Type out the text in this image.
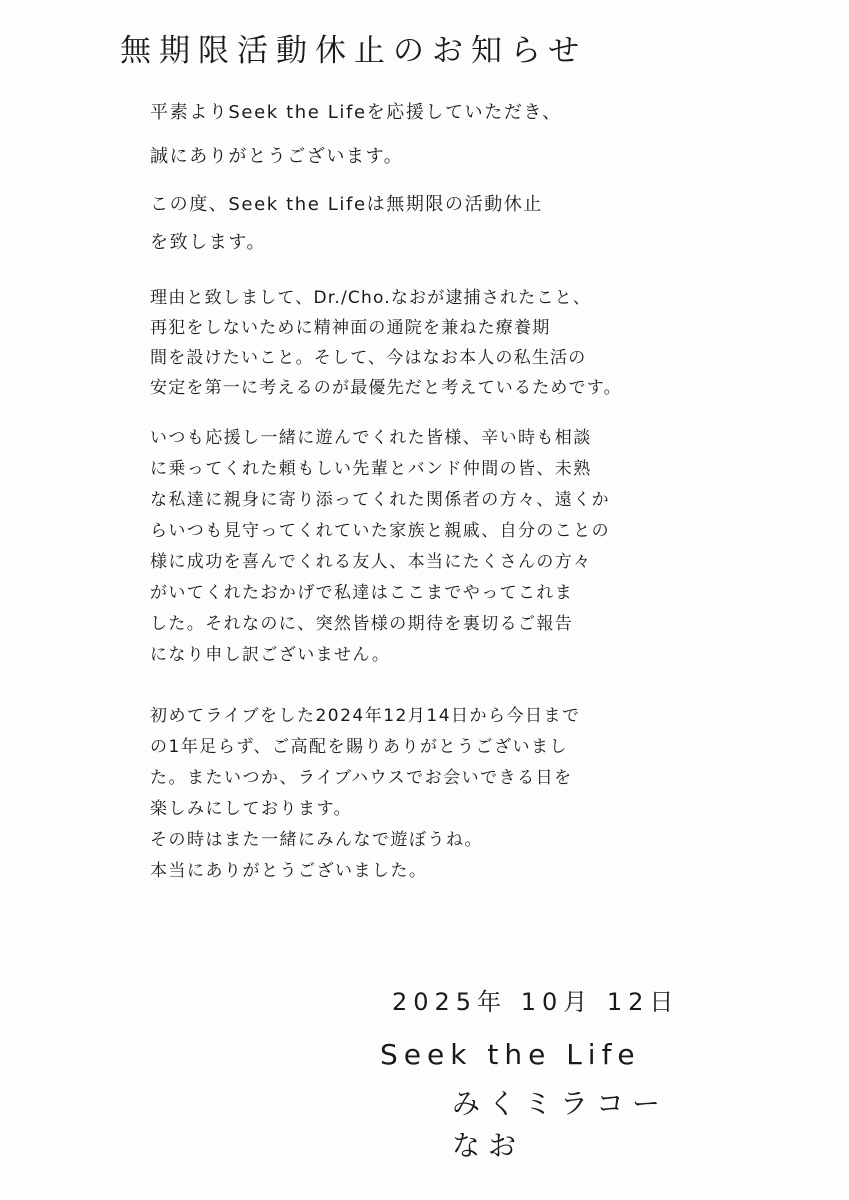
無期限活動休止のお知らせ
平素よりSeek the Lifeを応援していただき、
誠にありがとうございます。
この度、Seek the Lifeは無期限の活動休止
を致します。
理由と致しまして、Dr./Cho.なおが逮捕されたこと、
再犯をしないために精神面の通院を兼ねた療養期
間を設けたいこと。そして、今はなお本人の私生活の
安定を第一に考えるのが最優先だと考えているためです。
いつも応援し一緒に遊んでくれた皆様、辛い時も相談
に乗ってくれた頼もしい先輩とバンド仲間の皆、未熟
な私達に親身に寄り添ってくれた関係者の方々、遠くか
らいつも見守ってくれていた家族と親戚、自分のことの
様に成功を喜んでくれる友人、本当にたくさんの方々
がいてくれたおかげで私達はここまでやってこれま
した。それなのに、突然皆様の期待を裏切るご報告
になり申し訳ございません。
初めてライブをした2024年12月14日から今日まで
の1年足らず、ご高配を賜りありがとうございまし
た。またいつか、ライブハウスでお会いできる日を
楽しみにしております。
その時はまた一緒にみんなで遊ぼうね。
本当にありがとうございました。
2025年 10月 12日
Seek the Life
みくミラコー
なお
